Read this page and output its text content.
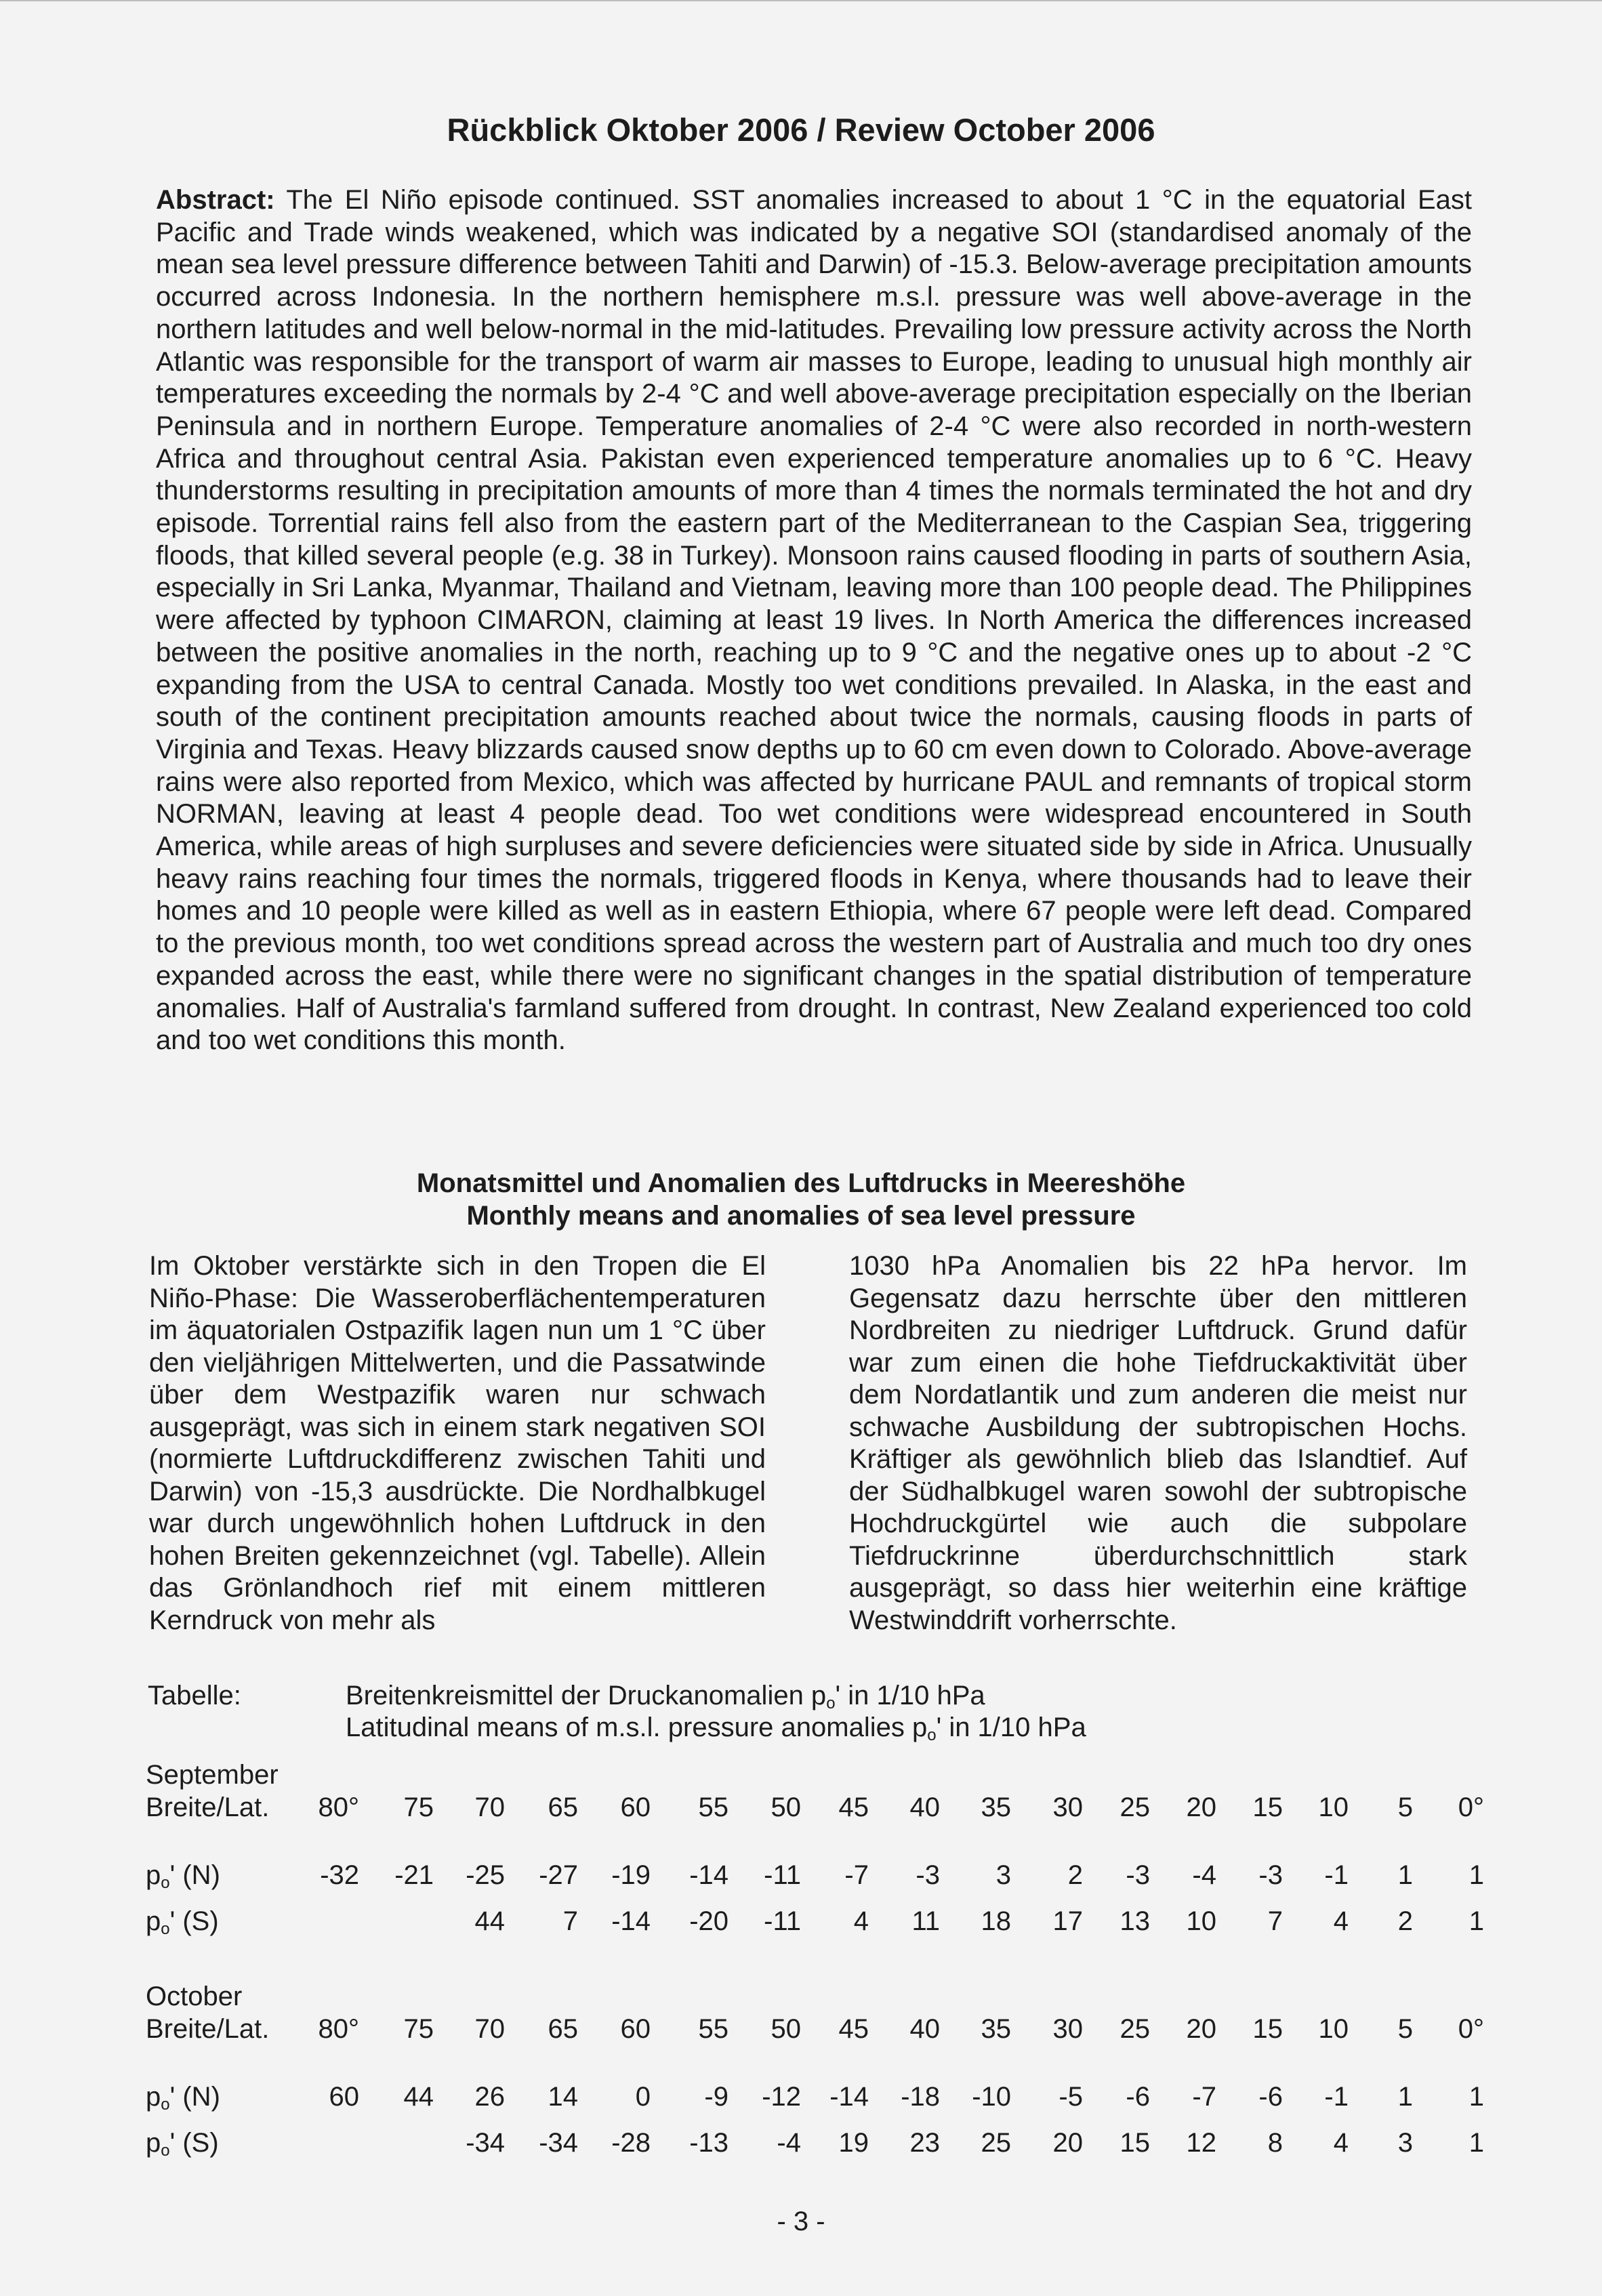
Rückblick Oktober 2006 / Review October 2006
Abstract: The El Niño episode continued. SST anomalies increased to about 1 °C in the equatorial East Pacific and Trade winds weakened, which was indicated by a negative SOI (standardised anomaly of the mean sea level pressure difference between Tahiti and Darwin) of -15.3. Below-average precipitation amounts occurred across Indonesia. In the northern hemisphere m.s.l. pressure was well above-average in the northern latitudes and well below-normal in the mid-latitudes. Prevailing low pressure activity across the North Atlantic was responsible for the transport of warm air masses to Europe, leading to unusual high monthly air temperatures exceeding the normals by 2-4 °C and well above-average precipitation especially on the Iberian Peninsula and in northern Europe. Temperature anomalies of 2-4 °C were also recorded in north-western Africa and throughout central Asia. Pakistan even experienced temperature anomalies up to 6 °C. Heavy thunderstorms resulting in precipitation amounts of more than 4 times the normals terminated the hot and dry episode. Torrential rains fell also from the eastern part of the Mediterranean to the Caspian Sea, triggering floods, that killed several people (e.g. 38 in Turkey). Monsoon rains caused flooding in parts of southern Asia, especially in Sri Lanka, Myanmar, Thailand and Vietnam, leaving more than 100 people dead. The Philippines were affected by typhoon CIMARON, claiming at least 19 lives. In North America the differences increased between the positive anomalies in the north, reaching up to 9 °C and the negative ones up to about -2 °C expanding from the USA to central Canada. Mostly too wet conditions prevailed. In Alaska, in the east and south of the continent precipitation amounts reached about twice the normals, causing floods in parts of Virginia and Texas. Heavy blizzards caused snow depths up to 60 cm even down to Colorado. Above-average rains were also reported from Mexico, which was affected by hurricane PAUL and remnants of tropical storm NORMAN, leaving at least 4 people dead. Too wet conditions were widespread encountered in South America, while areas of high surpluses and severe deficiencies were situated side by side in Africa. Unusually heavy rains reaching four times the normals, triggered floods in Kenya, where thousands had to leave their homes and 10 people were killed as well as in eastern Ethiopia, where 67 people were left dead. Compared to the previous month, too wet conditions spread across the western part of Australia and much too dry ones expanded across the east, while there were no significant changes in the spatial distribution of temperature anomalies. Half of Australia's farmland suffered from drought. In contrast, New Zealand experienced too cold and too wet conditions this month.
Monatsmittel und Anomalien des Luftdrucks in Meereshöhe
Monthly means and anomalies of sea level pressure
Im Oktober verstärkte sich in den Tropen die El Niño-Phase: Die Wasseroberflächentemperaturen im äquatorialen Ostpazifik lagen nun um 1 °C über den vieljährigen Mittelwerten, und die Passatwinde über dem Westpazifik waren nur schwach ausgeprägt, was sich in einem stark negativen SOI (normierte Luftdruckdifferenz zwischen Tahiti und Darwin) von -15,3 ausdrückte. Die Nordhalbkugel war durch ungewöhnlich hohen Luftdruck in den hohen Breiten gekennzeichnet (vgl. Tabelle). Allein das Grönlandhoch rief mit einem mittleren Kerndruck von mehr als
1030 hPa Anomalien bis 22 hPa hervor. Im Gegensatz dazu herrschte über den mittleren Nordbreiten zu niedriger Luftdruck. Grund dafür war zum einen die hohe Tiefdruckaktivität über dem Nordatlantik und zum anderen die meist nur schwache Ausbildung der subtropischen Hochs. Kräftiger als gewöhnlich blieb das Islandtief. Auf der Südhalbkugel waren sowohl der subtropische Hochdruckgürtel wie auch die subpolare Tiefdruckrinne überdurchschnittlich stark ausgeprägt, so dass hier weiterhin eine kräftige Westwinddrift vorherrschte.
Tabelle:	Breitenkreismittel der Druckanomalien $p_o'$ in 1/10 hPa
Latitudinal means of m.s.l. pressure anomalies $p_o'$ in 1/10 hPa
September
Breite/Lat.
$p_o'$ (N)
$p_o'$ (S)
80°
-32
75
-21
70
-25
44
65
-27
7
60
-19
-14
55
-14
-20
50
-11
-11
45
-7
4
40
-3
11
35
3
18
30
2
17
25
-3
13
20
-4
10
15
-3
7
10
-1
4
5
1
2
0°
1
1
October
Breite/Lat.
$p_o'$ (N)
$p_o'$ (S)
80°
60
75
44
70
26
-34
65
14
-34
60
0
-28
55
-9
-13
50
-12
-4
45
-14
19
40
-18
23
35
-10
25
30
-5
20
25
-6
15
20
-7
12
15
-6
8
10
-1
4
5
1
3
0°
1
1
- 3 -
